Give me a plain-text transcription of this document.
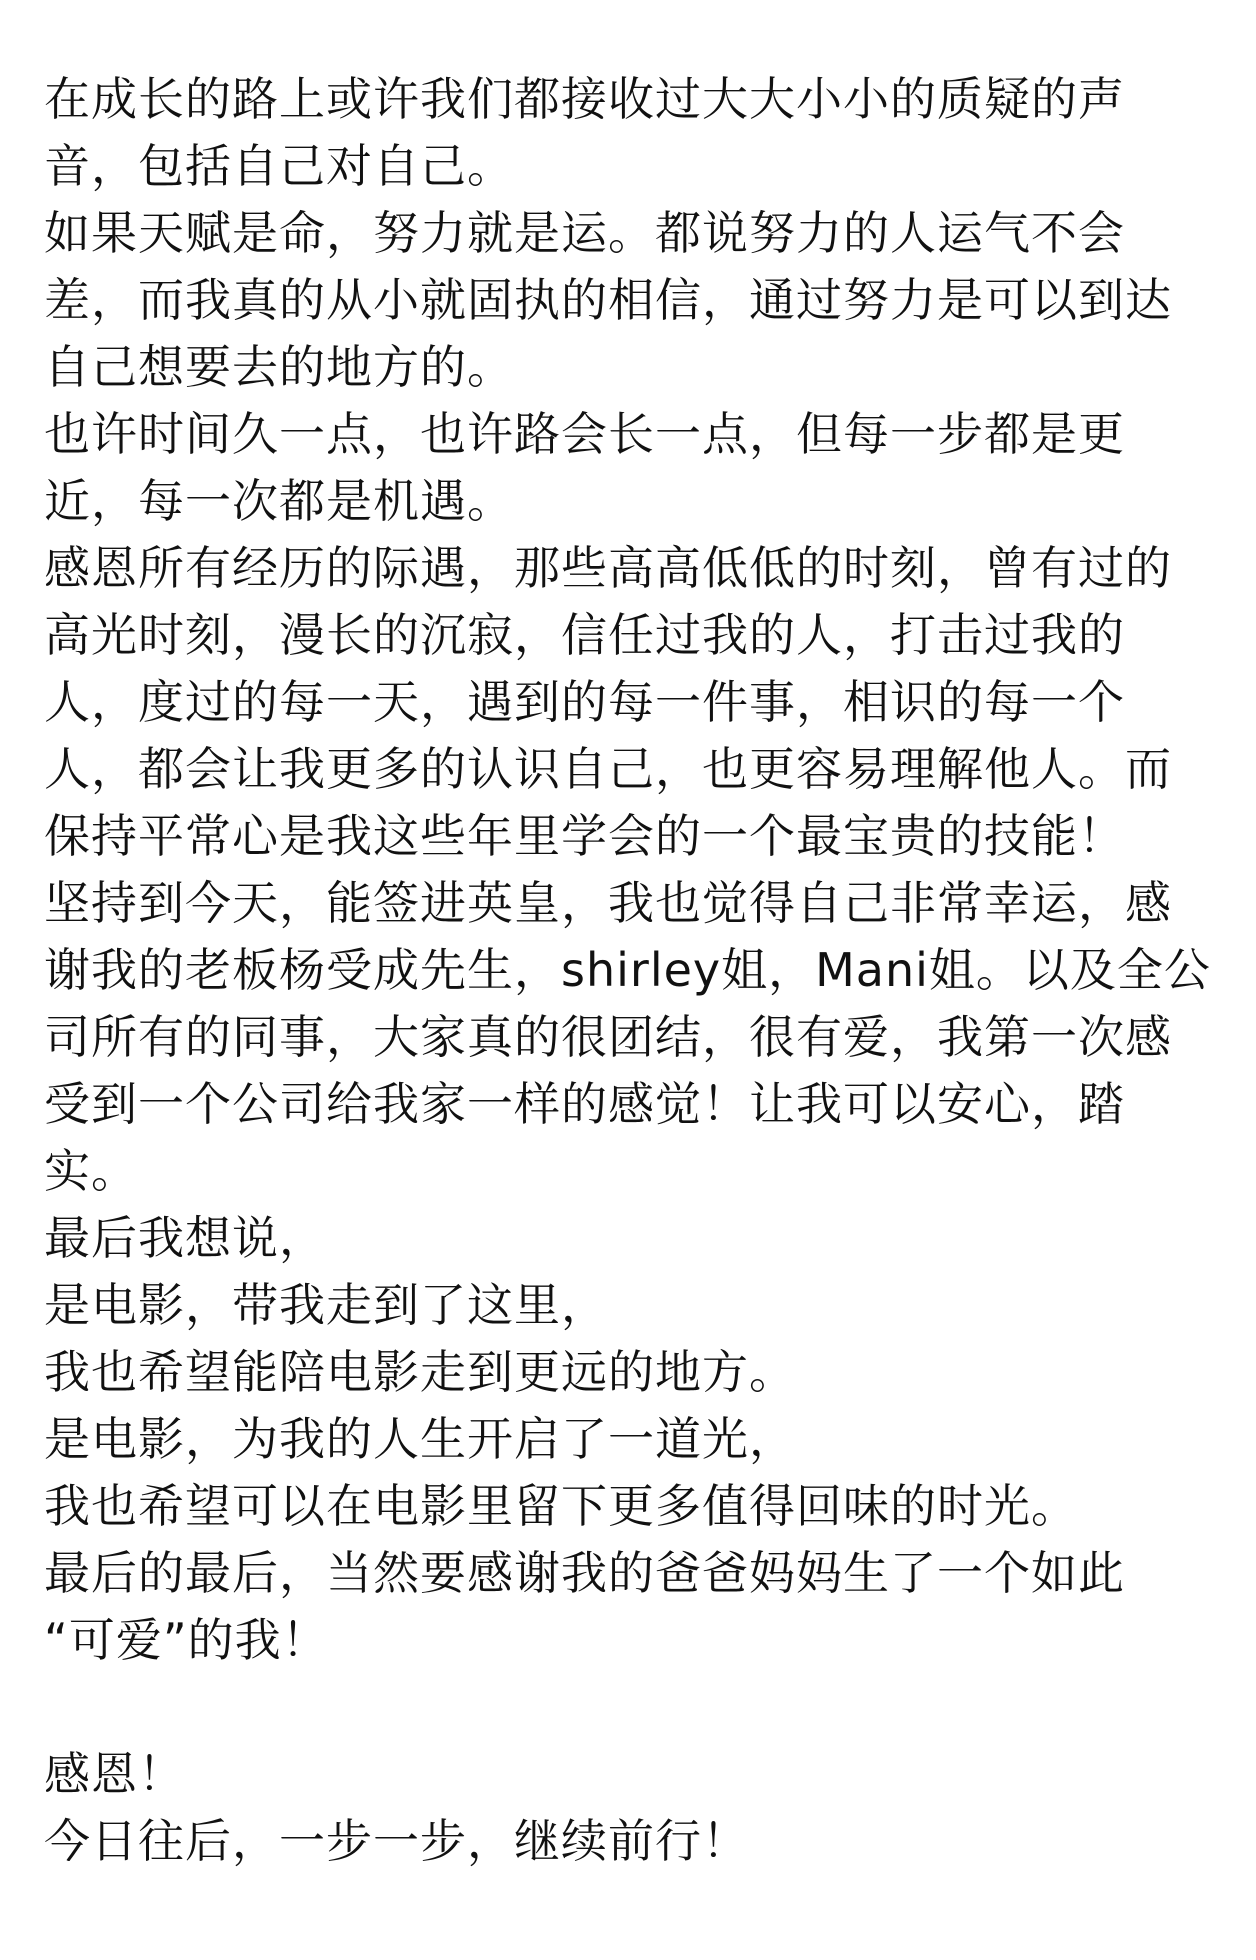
在成长的路上或许我们都接收过大大小小的质疑的声
音，包括自己对自己。
如果天赋是命，努力就是运。都说努力的人运气不会
差，而我真的从小就固执的相信，通过努力是可以到达
自己想要去的地方的。
也许时间久一点，也许路会长一点，但每一步都是更
近，每一次都是机遇。
感恩所有经历的际遇，那些高高低低的时刻，曾有过的
高光时刻，漫长的沉寂，信任过我的人，打击过我的
人，度过的每一天，遇到的每一件事，相识的每一个
人，都会让我更多的认识自己，也更容易理解他人。而
保持平常心是我这些年里学会的一个最宝贵的技能！
坚持到今天，能签进英皇，我也觉得自己非常幸运，感
谢我的老板杨受成先生，shirley姐，Mani姐。以及全公
司所有的同事，大家真的很团结，很有爱，我第一次感
受到一个公司给我家一样的感觉！让我可以安心，踏
实。
最后我想说，
是电影，带我走到了这里，
我也希望能陪电影走到更远的地方。
是电影，为我的人生开启了一道光，
我也希望可以在电影里留下更多值得回味的时光。
最后的最后，当然要感谢我的爸爸妈妈生了一个如此
“可爱”的我！
感恩！
今日往后，一步一步，继续前行！
